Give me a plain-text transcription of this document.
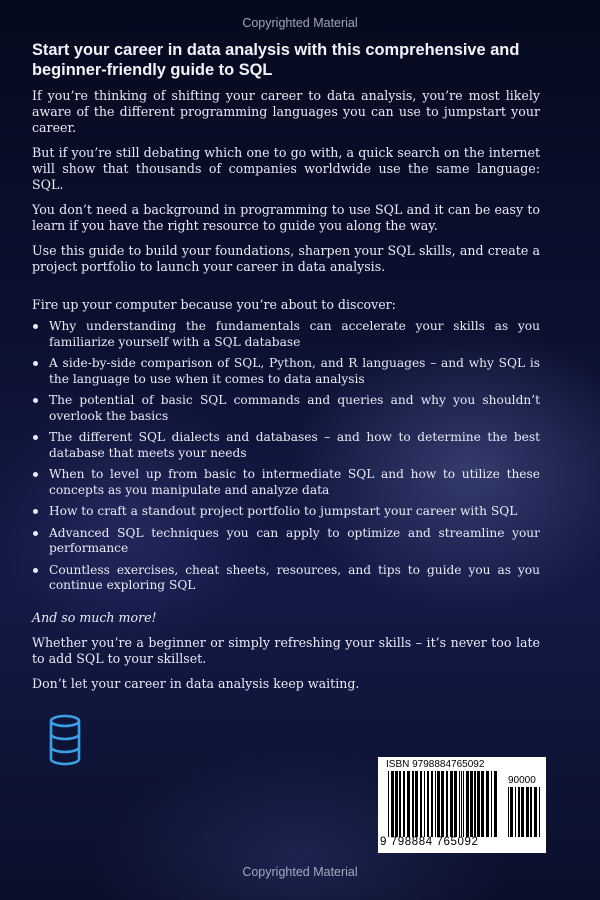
Copyrighted Material
Start your career in data analysis with this comprehensive and beginner-friendly guide to SQL

If you’re thinking of shifting your career to data analysis, you’re most likely aware of the different programming languages you can use to jumpstart your career.

But if you’re still debating which one to go with, a quick search on the internet will show that thousands of companies worldwide use the same language: SQL.

You don’t need a background in programming to use SQL and it can be easy to learn if you have the right resource to guide you along the way.

Use this guide to build your foundations, sharpen your SQL skills, and create a project portfolio to launch your career in data analysis.

Fire up your computer because you’re about to discover:

Why understanding the fundamentals can accelerate your skills as you familiarize yourself with a SQL database
A side-by-side comparison of SQL, Python, and R languages – and why SQL is the language to use when it comes to data analysis
The potential of basic SQL commands and queries and why you shouldn’t overlook the basics
The different SQL dialects and databases – and how to determine the best database that meets your needs
When to level up from basic to intermediate SQL and how to utilize these concepts as you manipulate and analyze data
How to craft a standout project portfolio to jumpstart your career with SQL
Advanced SQL techniques you can apply to optimize and streamline your performance
Countless exercises, cheat sheets, resources, and tips to guide you as you continue exploring SQL

And so much more!

Whether you’re a beginner or simply refreshing your skills – it’s never too late to add SQL to your skillset.

Don’t let your career in data analysis keep waiting.

ISBN 9798884765092
90000
9 798884 765092
Copyrighted Material
